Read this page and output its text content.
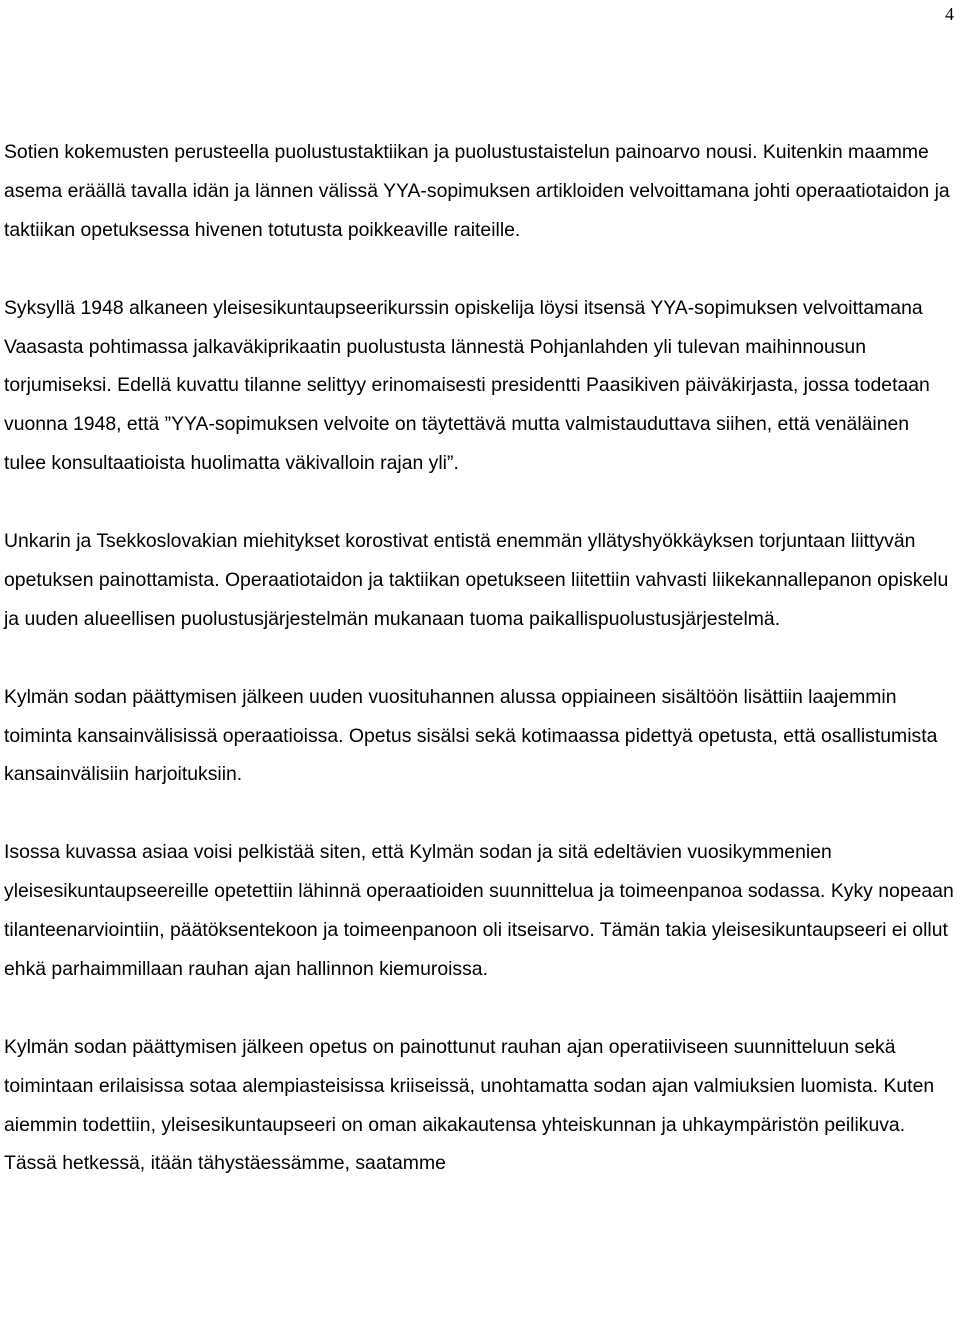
4

Sotien kokemusten perusteella puolustustaktiikan ja puolustustaistelun painoarvo nousi. Kuitenkin maamme asema eräällä tavalla idän ja lännen välissä YYA-sopimuksen artikloiden velvoittamana johti operaatiotaidon ja taktiikan opetuksessa hivenen totutusta poikkeaville raiteille.

Syksyllä 1948 alkaneen yleisesikuntaupseerikurssin opiskelija löysi itsensä YYA-sopimuksen velvoittamana Vaasasta pohtimassa jalkaväkiprikaatin puolustusta lännestä Pohjanlahden yli tulevan maihinnousun torjumiseksi. Edellä kuvattu tilanne selittyy erinomaisesti presidentti Paasikiven päiväkirjasta, jossa todetaan vuonna 1948, että ”YYA-sopimuksen velvoite on täytettävä mutta valmistauduttava siihen, että venäläinen tulee konsultaatioista huolimatta väkivalloin rajan yli”.

Unkarin ja Tsekkoslovakian miehitykset korostivat entistä enemmän yllätyshyökkäyksen torjuntaan liittyvän opetuksen painottamista. Operaatiotaidon ja taktiikan opetukseen liitettiin vahvasti liikekannallepanon opiskelu ja uuden alueellisen puolustusjärjestelmän mukanaan tuoma paikallispuolustusjärjestelmä.

Kylmän sodan päättymisen jälkeen uuden vuosituhannen alussa oppiaineen sisältöön lisättiin laajemmin toiminta kansainvälisissä operaatioissa. Opetus sisälsi sekä kotimaassa pidettyä opetusta, että osallistumista kansainvälisiin harjoituksiin.

Isossa kuvassa asiaa voisi pelkistää siten, että Kylmän sodan ja sitä edeltävien vuosikymmenien yleisesikuntaupseereille opetettiin lähinnä operaatioiden suunnittelua ja toimeenpanoa sodassa. Kyky nopeaan tilanteenarviointiin, päätöksentekoon ja toimeenpanoon oli itseisarvo. Tämän takia yleisesikuntaupseeri ei ollut ehkä parhaimmillaan rauhan ajan hallinnon kiemuroissa.

Kylmän sodan päättymisen jälkeen opetus on painottunut rauhan ajan operatiiviseen suunnitteluun sekä toimintaan erilaisissa sotaa alempiasteisissa kriiseissä, unohtamatta sodan ajan valmiuksien luomista. Kuten aiemmin todettiin, yleisesikuntaupseeri on oman aikakautensa yhteiskunnan ja uhkaympäristön peilikuva. Tässä hetkessä, itään tähystäessämme, saatamme
